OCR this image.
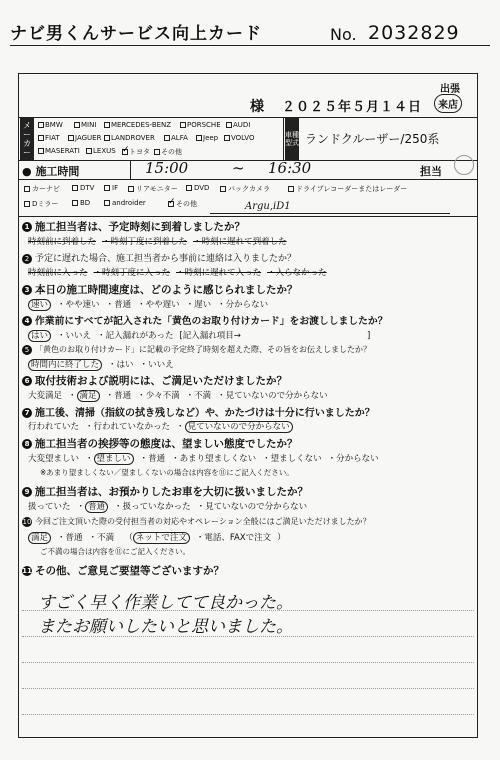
ナビ男くんサービス向上カード	No. 2032829
出張
来店
様 ２０２５年５月１４日
メーカー
車種型式
BMW	MINI MERCEDES-BENZ PORSCHE AUDI
FIAT JAGUER LANDROVER ALFA Jeep VOLVO
MASERATI LEXUS ✓ トヨタ その他
ランドクルーザー/250系
● 施工時間	15:00	~ 16:30	担当
カーナビ	DTV	IF	リアモニター DVD	バックカメラ	ドライブレコーダーまたはレーダー
Dミラー	BD	androider ✓	その他	Argu,iD1
1 施工担当者は、予定時刻に到着しましたか？
時刻前に到着した ・時刻丁度に到着した ・時刻に遅れて到着した
2 予定に遅れた場合、施工担当者から事前に連絡は入りましたか？
時刻前に入った ・時刻丁度に入った ・時刻に遅れて入った ・入らなかった
3 本日の施工時間速度は、どのように感じられましたか？
速い ・やや速い ・普通 ・やや遅い ・遅い ・分からない
4 作業前にすべてが記入された「黄色のお取り付けカード」をお渡ししましたか？
はい ・いいえ ・記入漏れがあった [記入漏れ項目→	]
5 「黄色のお取り付けカード」に記載の予定終了時刻を超えた際、その旨をお伝えしましたか？
時間内に終了した ・はい ・いいえ
6 取付技術および説明には、ご満足いただけましたか？
大変満足 ・ 満足 ・普通 ・少々不満 ・不満 ・見ていないので分からない
7 施工後、清掃（指紋の拭き残しなど）や、かたづけは十分に行いましたか？
行われていた ・行われていなかった ・ 見ていないので分からない
8 施工担当者の挨拶等の態度は、望ましい態度でしたか？
大変望ましい ・ 望ましい ・普通 ・あまり望ましくない ・望ましくない ・分からない
※あまり望ましくない／望ましくないの場合は内容を⑪にご記入ください。
9 施工担当者は、お預かりしたお車を大切に扱いましたか？
扱っていた ・ 普通 ・扱っていなかった ・見ていないので分からない
10 今回ご注文頂いた際の受付担当者の対応やオペレーション全般にはご満足いただけましたか？
満足 ・普通 ・不満　（ ネットで注文 ・電話、FAXで注文 ）
ご不満の場合は内容を⑪にご記入ください。
11 その他、ご意見ご要望等ございますか？
すごく早く作業してて良かった。
またお願いしたいと思いました。
